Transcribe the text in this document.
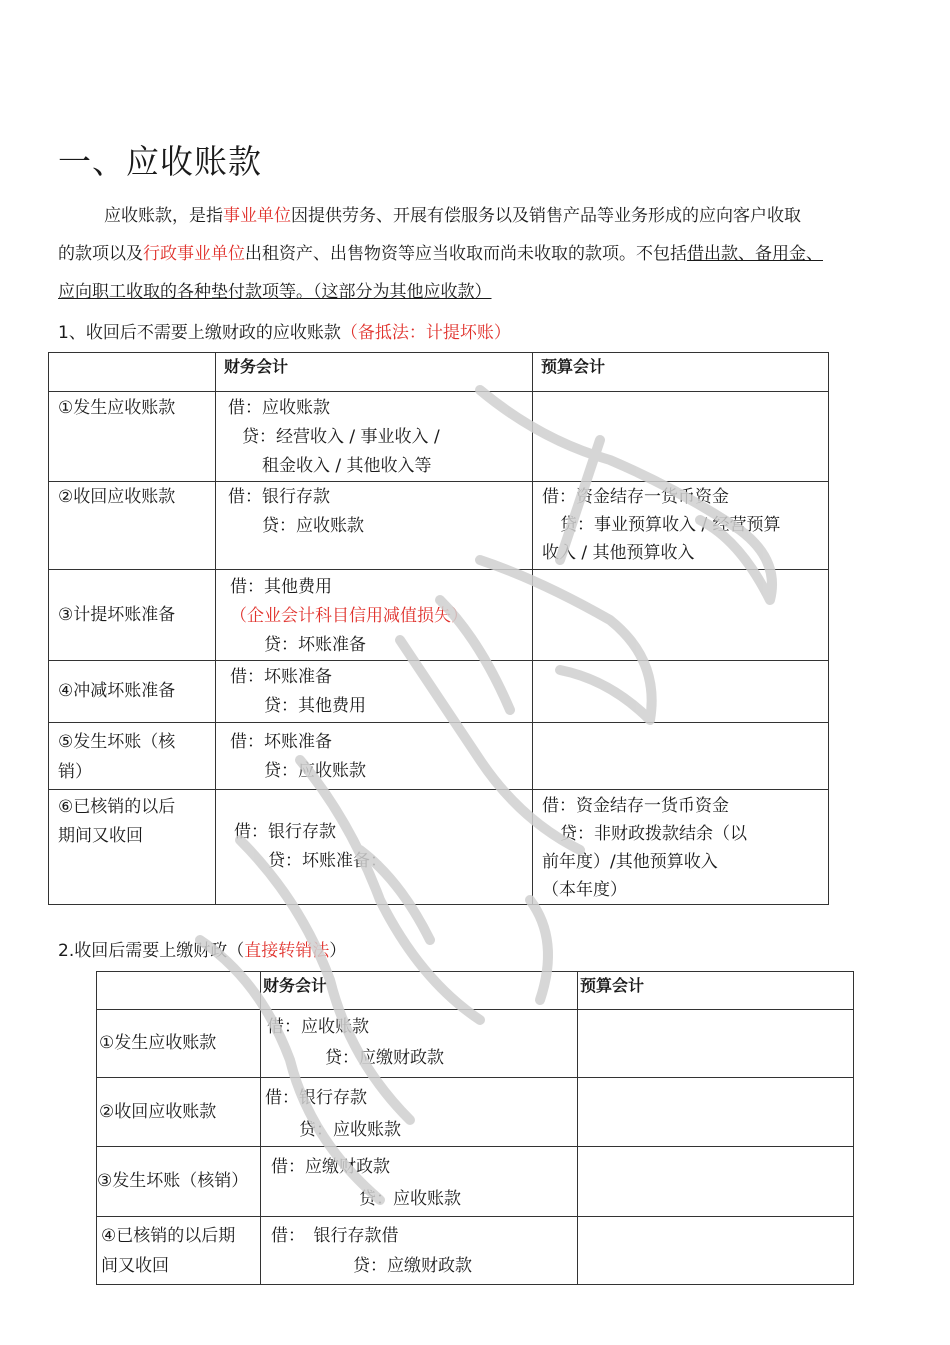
一、应收账款
应收账款，是指事业单位因提供劳务、开展有偿服务以及销售产品等业务形成的应向客户收取
的款项以及行政事业单位出租资产、出售物资等应当收取而尚未收取的款项。不包括借出款、备用金、
应向职工收取的各种垫付款项等。（这部分为其他应收款）
1、收回后不需要上缴财政的应收账款（备抵法：计提坏账）
	财务会计	预算会计

①发生应收账款	借：应收账款
贷：经营收入 / 事业收入 /
租金收入 / 其他收入等	

②收回应收账款	借：银行存款
贷：应收账款	借：资金结存一货币资金
贷：事业预算收入 / 经营预算
收入 / 其他预算收入

③计提坏账准备	借：其他费用
（企业会计科目信用减值损失）
贷：坏账准备	

④冲减坏账准备	借：坏账准备
贷：其他费用	

⑤发生坏账（核
销）	借：坏账准备
贷：应收账款	

⑥已核销的以后
期间又收回	借：银行存款
贷：坏账准备：	借：资金结存一货币资金
贷：非财政拨款结余（以
前年度）/其他预算收入
（本年度）
2.收回后需要上缴财政（直接转销法）
	财务会计	预算会计

①发生应收账款	借：应收账款
贷：应缴财政款	

②收回应收账款	借：银行存款
贷：应收账款	

③发生坏账（核销）	借：应缴财政款
贷：应收账款	

④已核销的以后期
间又收回	借：　银行存款借
贷：应缴财政款	
